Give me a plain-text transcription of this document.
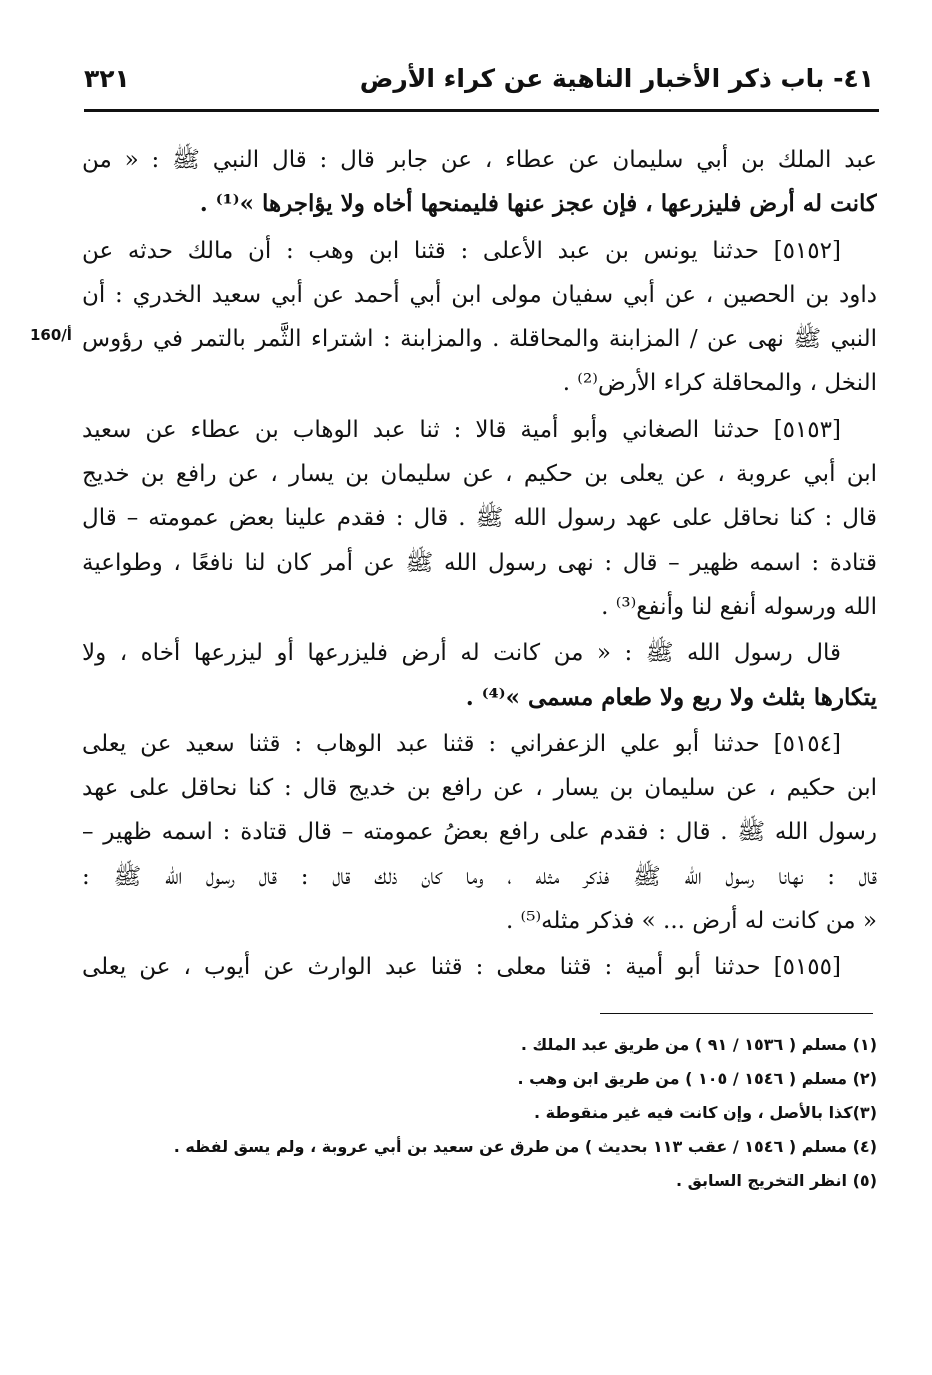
٤١- باب ذكر الأخبار الناهية عن كراء الأرض
٣٢١
160/أ
عبد الملك بن أبي سليمان عن عطاء ، عن جابر قال : قال النبي ﷺ : « من
كانت له أرض فليزرعها ، فإن عجز عنها فليمنحها أخاه ولا يؤاجرها »⁽¹⁾ .
[٥١٥٢] حدثنا يونس بن عبد الأعلى : قثنا ابن وهب : أن مالك حدثه عن
داود بن الحصين ، عن أبي سفيان مولى ابن أبي أحمد عن أبي سعيد الخدري : أن
النبي ﷺ نهى عن / المزابنة والمحاقلة . والمزابنة : اشتراء الثَّمر بالتمر في رؤوس
النخل ، والمحاقلة كراء الأرض⁽²⁾ .
[٥١٥٣] حدثنا الصغاني وأبو أمية قالا : ثنا عبد الوهاب بن عطاء عن سعيد
ابن أبي عروبة ، عن يعلى بن حكيم ، عن سليمان بن يسار ، عن رافع بن خديج
قال : كنا نحاقل على عهد رسول الله ﷺ . قال : فقدم علينا بعض عمومته – قال
قتادة : اسمه ظهير – قال : نهى رسول الله ﷺ عن أمر كان لنا نافعًا ، وطواعية
الله ورسوله أنفع لنا وأنفع⁽³⁾ .
قال رسول الله ﷺ : « من كانت له أرض فليزرعها أو ليزرعها أخاه ، ولا
يتكارها بثلث ولا ربع ولا طعام مسمى »⁽⁴⁾ .
[٥١٥٤] حدثنا أبو علي الزعفراني : قثنا عبد الوهاب : قثنا سعيد عن يعلى
ابن حكيم ، عن سليمان بن يسار ، عن رافع بن خديج قال : كنا نحاقل على عهد
رسول الله ﷺ . قال : فقدم على رافع بعضُ عمومته – قال قتادة : اسمه ظهير –
قال : نهانا رسول الله ﷺ فذكر مثله ، وما كان ذلك قال : قال رسول الله ﷺ :
« من كانت له أرض ... » فذكر مثله⁽⁵⁾ .
[٥١٥٥] حدثنا أبو أمية : قثنا معلى : قثنا عبد الوارث عن أيوب ، عن يعلى
(١) مسلم ( ١٥٣٦ / ٩١ ) من طريق عبد الملك .
(٢) مسلم ( ١٥٤٦ / ١٠٥ ) من طريق ابن وهب .
(٣)كذا بالأصل ، وإن كانت فيه غير منقوطة .
(٤) مسلم ( ١٥٤٦ / عقب ١١٣ بحديث ) من طرق عن سعيد بن أبي عروبة ، ولم يسق لفظه .
(٥) انظر التخريج السابق .
